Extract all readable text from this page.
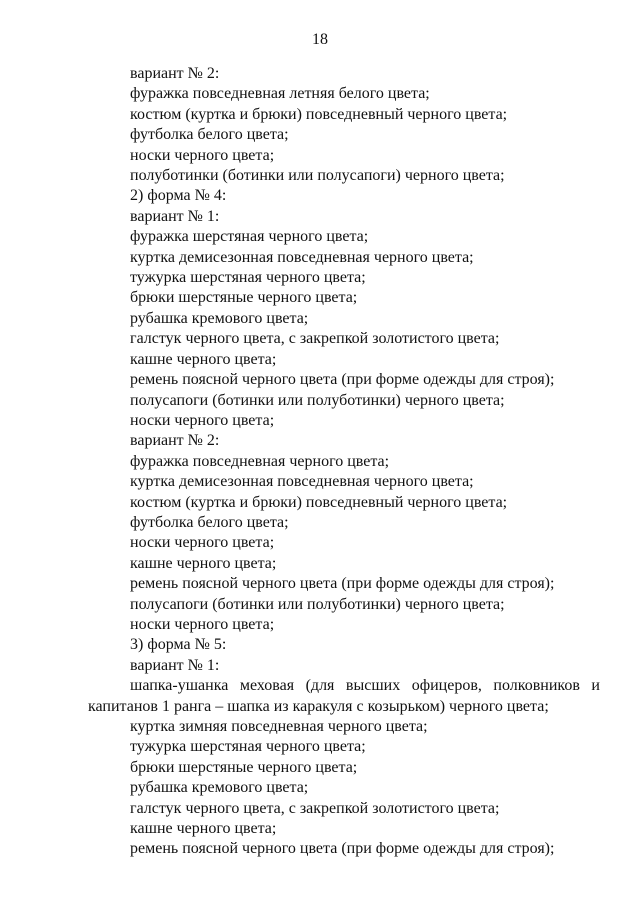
18
вариант № 2:
фуражка повседневная летняя белого цвета;
костюм (куртка и брюки) повседневный черного цвета;
футболка белого цвета;
носки черного цвета;
полуботинки (ботинки или полусапоги) черного цвета;
2) форма № 4:
вариант № 1:
фуражка шерстяная черного цвета;
куртка демисезонная повседневная черного цвета;
тужурка шерстяная черного цвета;
брюки шерстяные черного цвета;
рубашка кремового цвета;
галстук черного цвета, с закрепкой золотистого цвета;
кашне черного цвета;
ремень поясной черного цвета (при форме одежды для строя);
полусапоги (ботинки или полуботинки) черного цвета;
носки черного цвета;
вариант № 2:
фуражка повседневная черного цвета;
куртка демисезонная повседневная черного цвета;
костюм (куртка и брюки) повседневный черного цвета;
футболка белого цвета;
носки черного цвета;
кашне черного цвета;
ремень поясной черного цвета (при форме одежды для строя);
полусапоги (ботинки или полуботинки) черного цвета;
носки черного цвета;
3) форма № 5:
вариант № 1:
шапка-ушанка меховая (для высших офицеров, полковников и капитанов 1 ранга – шапка из каракуля с козырьком) черного цвета;
куртка зимняя повседневная черного цвета;
тужурка шерстяная черного цвета;
брюки шерстяные черного цвета;
рубашка кремового цвета;
галстук черного цвета, с закрепкой золотистого цвета;
кашне черного цвета;
ремень поясной черного цвета (при форме одежды для строя);
